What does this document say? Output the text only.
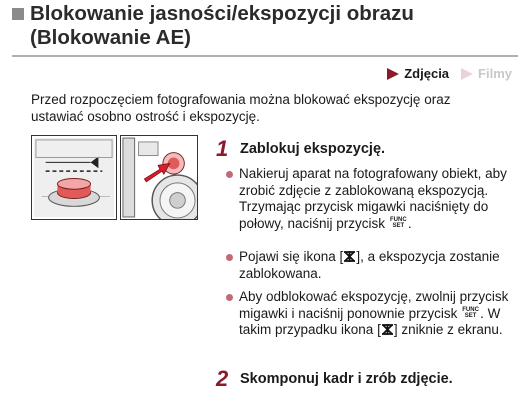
Blokowanie jasności/ekspozycji obrazu
(Blokowanie AE)
Zdjęcia Filmy

Przed rozpoczęciem fotografowania można blokować ekspozycję oraz ustawiać osobno ostrość i ekspozycję.

1 Zablokuj ekspozycję.
Nakieruj aparat na fotografowany obiekt, aby zrobić zdjęcie z zablokowaną ekspozycją. Trzymając przycisk migawki naciśnięty do połowy, naciśnij przycisk FUNC
SET .
Pojawi się ikona [ ], a ekspozycja zostanie zablokowana.
Aby odblokować ekspozycję, zwolnij przycisk migawki i naciśnij ponownie przycisk FUNC
SET . W takim przypadku ikona [ ] zniknie z ekranu.
2 Skomponuj kadr i zrób zdjęcie.
